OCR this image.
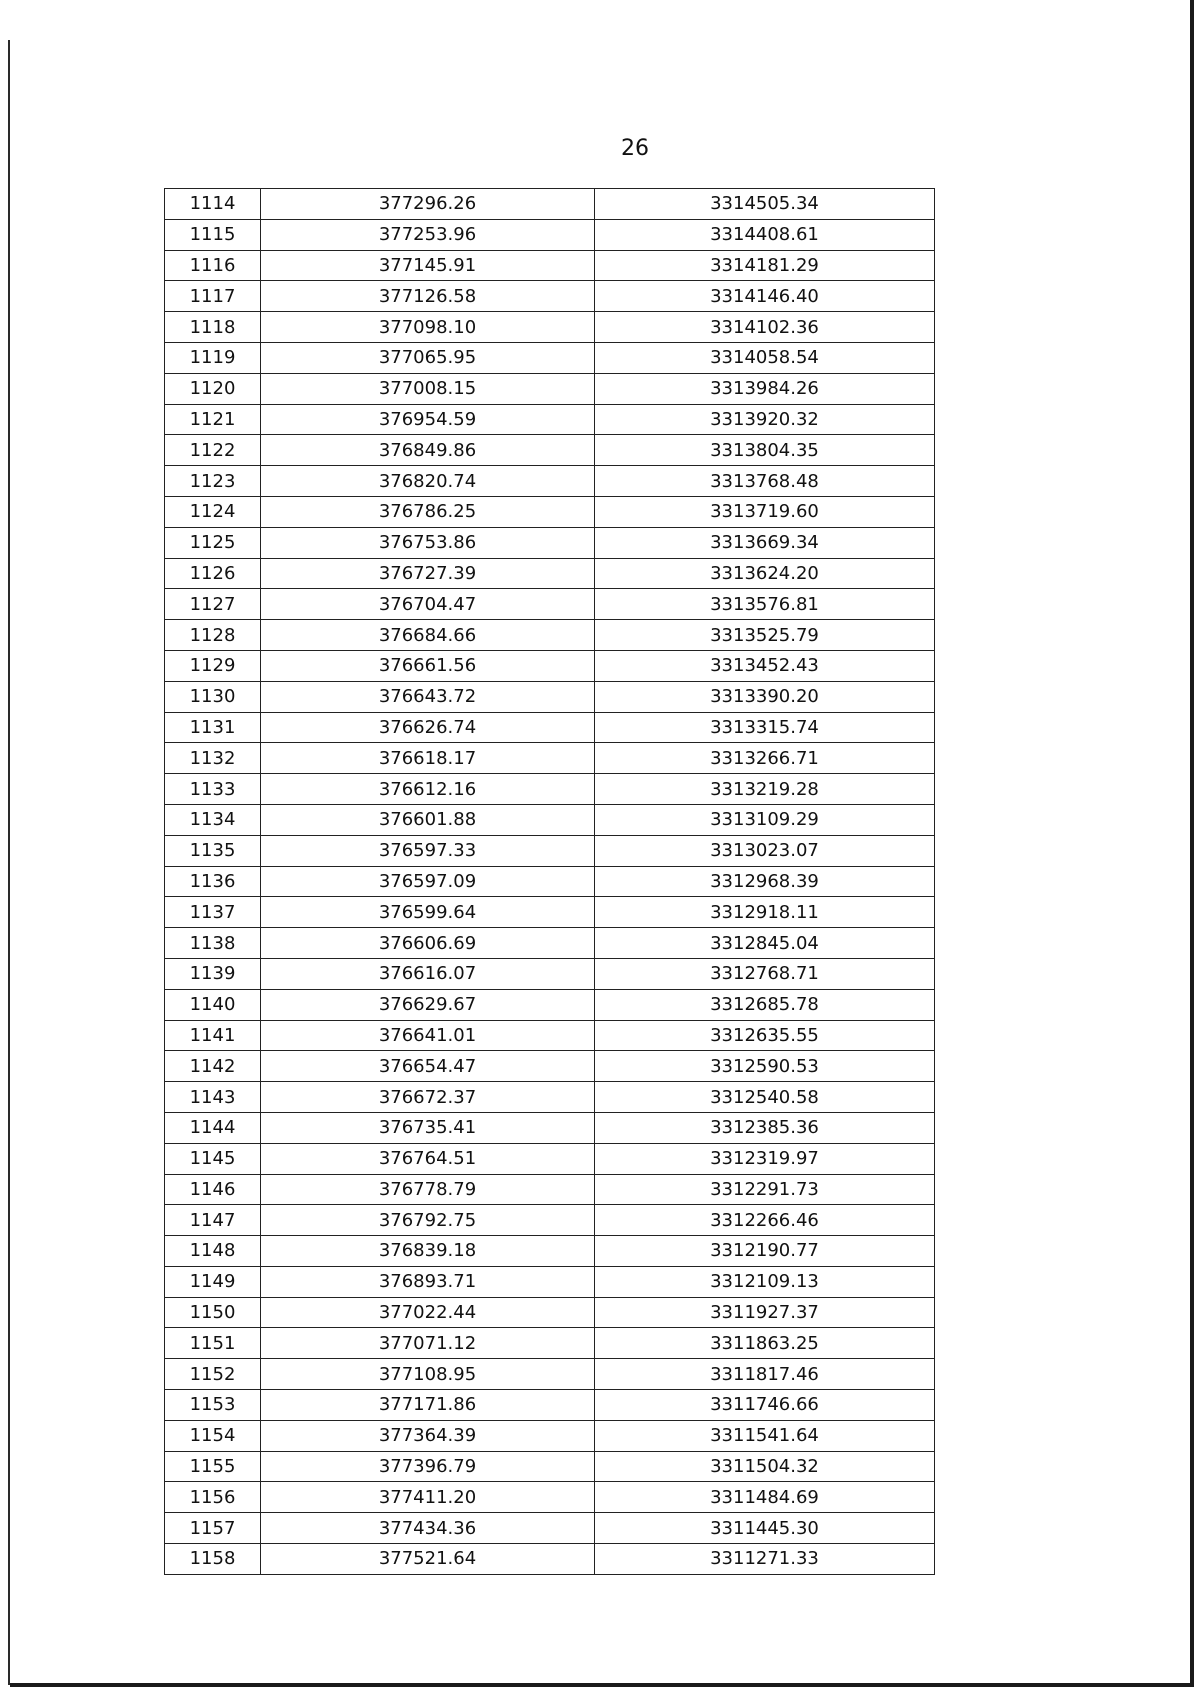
26
1114	377296.26	3314505.34
1115	377253.96	3314408.61
1116	377145.91	3314181.29
1117	377126.58	3314146.40
1118	377098.10	3314102.36
1119	377065.95	3314058.54
1120	377008.15	3313984.26
1121	376954.59	3313920.32
1122	376849.86	3313804.35
1123	376820.74	3313768.48
1124	376786.25	3313719.60
1125	376753.86	3313669.34
1126	376727.39	3313624.20
1127	376704.47	3313576.81
1128	376684.66	3313525.79
1129	376661.56	3313452.43
1130	376643.72	3313390.20
1131	376626.74	3313315.74
1132	376618.17	3313266.71
1133	376612.16	3313219.28
1134	376601.88	3313109.29
1135	376597.33	3313023.07
1136	376597.09	3312968.39
1137	376599.64	3312918.11
1138	376606.69	3312845.04
1139	376616.07	3312768.71
1140	376629.67	3312685.78
1141	376641.01	3312635.55
1142	376654.47	3312590.53
1143	376672.37	3312540.58
1144	376735.41	3312385.36
1145	376764.51	3312319.97
1146	376778.79	3312291.73
1147	376792.75	3312266.46
1148	376839.18	3312190.77
1149	376893.71	3312109.13
1150	377022.44	3311927.37
1151	377071.12	3311863.25
1152	377108.95	3311817.46
1153	377171.86	3311746.66
1154	377364.39	3311541.64
1155	377396.79	3311504.32
1156	377411.20	3311484.69
1157	377434.36	3311445.30
1158	377521.64	3311271.33
